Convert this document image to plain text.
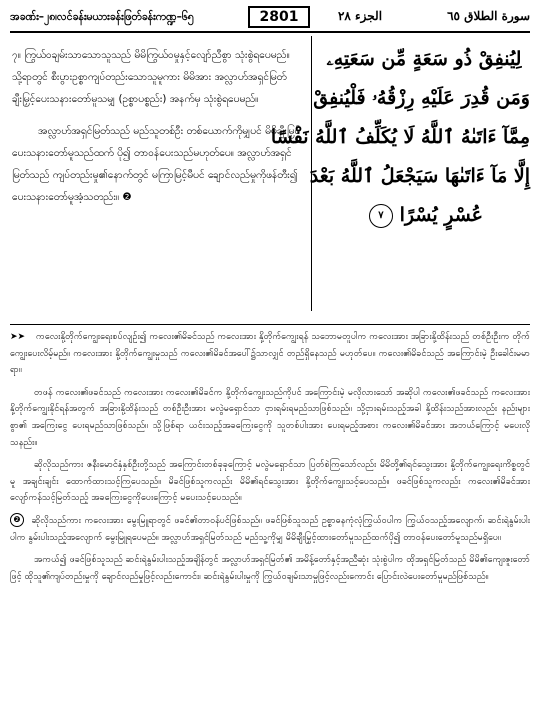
အခဏ်း–၂၈၊လင်ခန်းမယားခန်းဖြတ်ခန်းကဏ္ဍ–၆၅	2801	الجزء ٢٨	سورة الطلاق ٦٥

၇။ ကြွယ်ဝချမ်းသာသောသူသည် မိမိကြွယ်ဝမှုနှင့်လျော်ညီစွာ သုံးစွဲရပေမည်။ သို့ရာတွင် စီးပွားဥစ္စာကျပ်တည်းသောသူမူကား မိမိအား အလ္လာဟ်အရှင်မြတ် ချီးမြှင့်ပေးသနားတော်မူသမျှ (ဥစ္စာပစ္စည်း) အနက်မှ သုံးစွဲရပေမည်။

အလ္လာဟ်အရှင်မြတ်သည် မည်သူတစ်ဦး တစ်ယောက်ကိုမျှပင် မိမိချီးမြှင့်ပေးသနားတော်မူသည်ထက် ပို၍ တာဝန်ပေးသည်မဟုတ်ပေ။ အလ္လာဟ်အရှင်မြတ်သည် ကျပ်တည်းမှု၏နောက်တွင် မကြာမြင့်မီပင် ချောင်လည်မှုကိုဖန်တီး၍ ပေးသနားတော်မူအံ့သတည်း။ ❷

لِيُنفِقْ ذُو سَعَةٍ مِّن سَعَتِهِۦ
وَمَن قُدِرَ عَلَيْهِ رِزْقُهُۥ فَلْيُنفِقْ
مِمَّآ ءَاتَىٰهُ ٱللَّهُ لَا يُكَلِّفُ ٱللَّهُ نَفْسًا
إِلَّا مَآ ءَاتَىٰهَا سَيَجْعَلُ ٱللَّهُ بَعْدَ
عُسْرٍ يُسْرًا ٧

➤➤ ကလေးနို့တိုက်ကျွေးရေးစပ်လျဉ်း၍ ကလေး၏မိခင်သည် ကလေးအား နို့တိုက်ကျွေးရန် သဘောမတူပါက ကလေးအား အခြားနို့ထိန်းသည် တစ်ဦးဦးက တိုက်ကျွေးပေးလိမ့်မည်။ ကလေးအား နို့တိုက်ကျွေးမှုသည် ကလေး၏မိခင်အပေါ်၌သာလျှင် တည်ရှိနေသည် မဟုတ်ပေ။ ကလေး၏မိခင်သည် အကြောင်းမဲ့ ဦးခေါင်းမမာရာ။

တဖန် ကလေး၏ဖခင်သည် ကလေးအား ကလေး၏မိခင်က နို့တိုက်ကျွေးသည်ကိုပင် အကြောင်းမဲ့ မလိုလားသော် အဆိုပါ ကလေး၏ဖခင်သည် ကလေးအား နို့တိုက်ကျွေးနိုင်ရန်အတွက် အခြားနို့ထိန်းသည် တစ်ဦးဦးအား မလွဲမရှောင်သာ ငှားရမ်းရမည်သာဖြစ်သည်။ သို့ငှားရမ်းသည့်အခါ နို့ထိန်းသည်အားလည်း နည်းများစွာ၏ အကြေးငွေ ပေးရမည်သာဖြစ်သည်။ သို့ဖြစ်ရာ ယင်းသည့်အခကြေးငွေကို သူတစ်ပါးအား ပေးရမည့်အစား ကလေး၏မိခင်အား အဘယ်ကြောင့် မပေးလိုသနည်း။

ဆိုလိုသည်ကား ဇနီးမောင်နှံနှစ်ဦးတို့သည် အကြောင်းတစ်ခုခုကြောင့် မလွဲမရှောင်သာ ပြတ်စဲကြသော်လည်း မိမိတို့၏ရင်သွေးအား နို့တိုက်ကျွေးရေးကိစ္စတွင်မူ အချင်းချင်း ထောက်ထားသင့်ကြပေသည်။ မိခင်ဖြစ်သူကလည်း မိမိ၏ရင်သွေးအား နို့တိုက်ကျွေးသင့်ပေသည်။ ဖခင်ဖြစ်သူကလည်း ကလေး၏မိခင်အား လျော်ကန်သင့်မြတ်သည့် အခကြေးငွေကိုပေးကြောင့် မပေးသင့်ပေသည်။

❷ ဆိုလိုသည်ကား ကလေးအား မွေးမြူရာတွင် ဖခင်၏တာဝန်ပင်ဖြစ်သည်။ ဖခင်ဖြစ်သူသည် ဥစ္စာဓနကုံလုံကြွယ်ဝပါက ကြွယ်ဝသည့်အလျောက်၊ ဆင်းရဲနွမ်းပါးပါက နွမ်းပါးသည့်အလျောက် မွေးမြူရပေမည်။ အလ္လာဟ်အရှင်မြတ်သည် မည်သူ့ကိုမျှ မိမိချီးမြှင့်ထားတော်မူသည်ထက်ပို၍ တာဝန်ပေးတော်မူသည်မရှိပေ။

အကယ်၍ ဖခင်ဖြစ်သူသည် ဆင်းရဲနွမ်းပါးသည့်အချိန်တွင် အလ္လာဟ်အရှင်မြတ်၏ အမိန့်တော်နှင့်အညီဆုံး သုံးစွဲပါက ထိုအရှင်မြတ်သည် မိမိ၏ကျေးဇူးတော်ဖြင့် ထိုသူ၏ကျပ်တည်းမှုကို ချောင်လည်မှုဖြင့်လည်းကောင်း၊ ဆင်းရဲနွမ်းပါးမှုကို ကြွယ်ဝချမ်းသာမှုဖြင့်လည်းကောင်း ပြောင်းလဲပေးတော်မူမည်ဖြစ်သည်။
